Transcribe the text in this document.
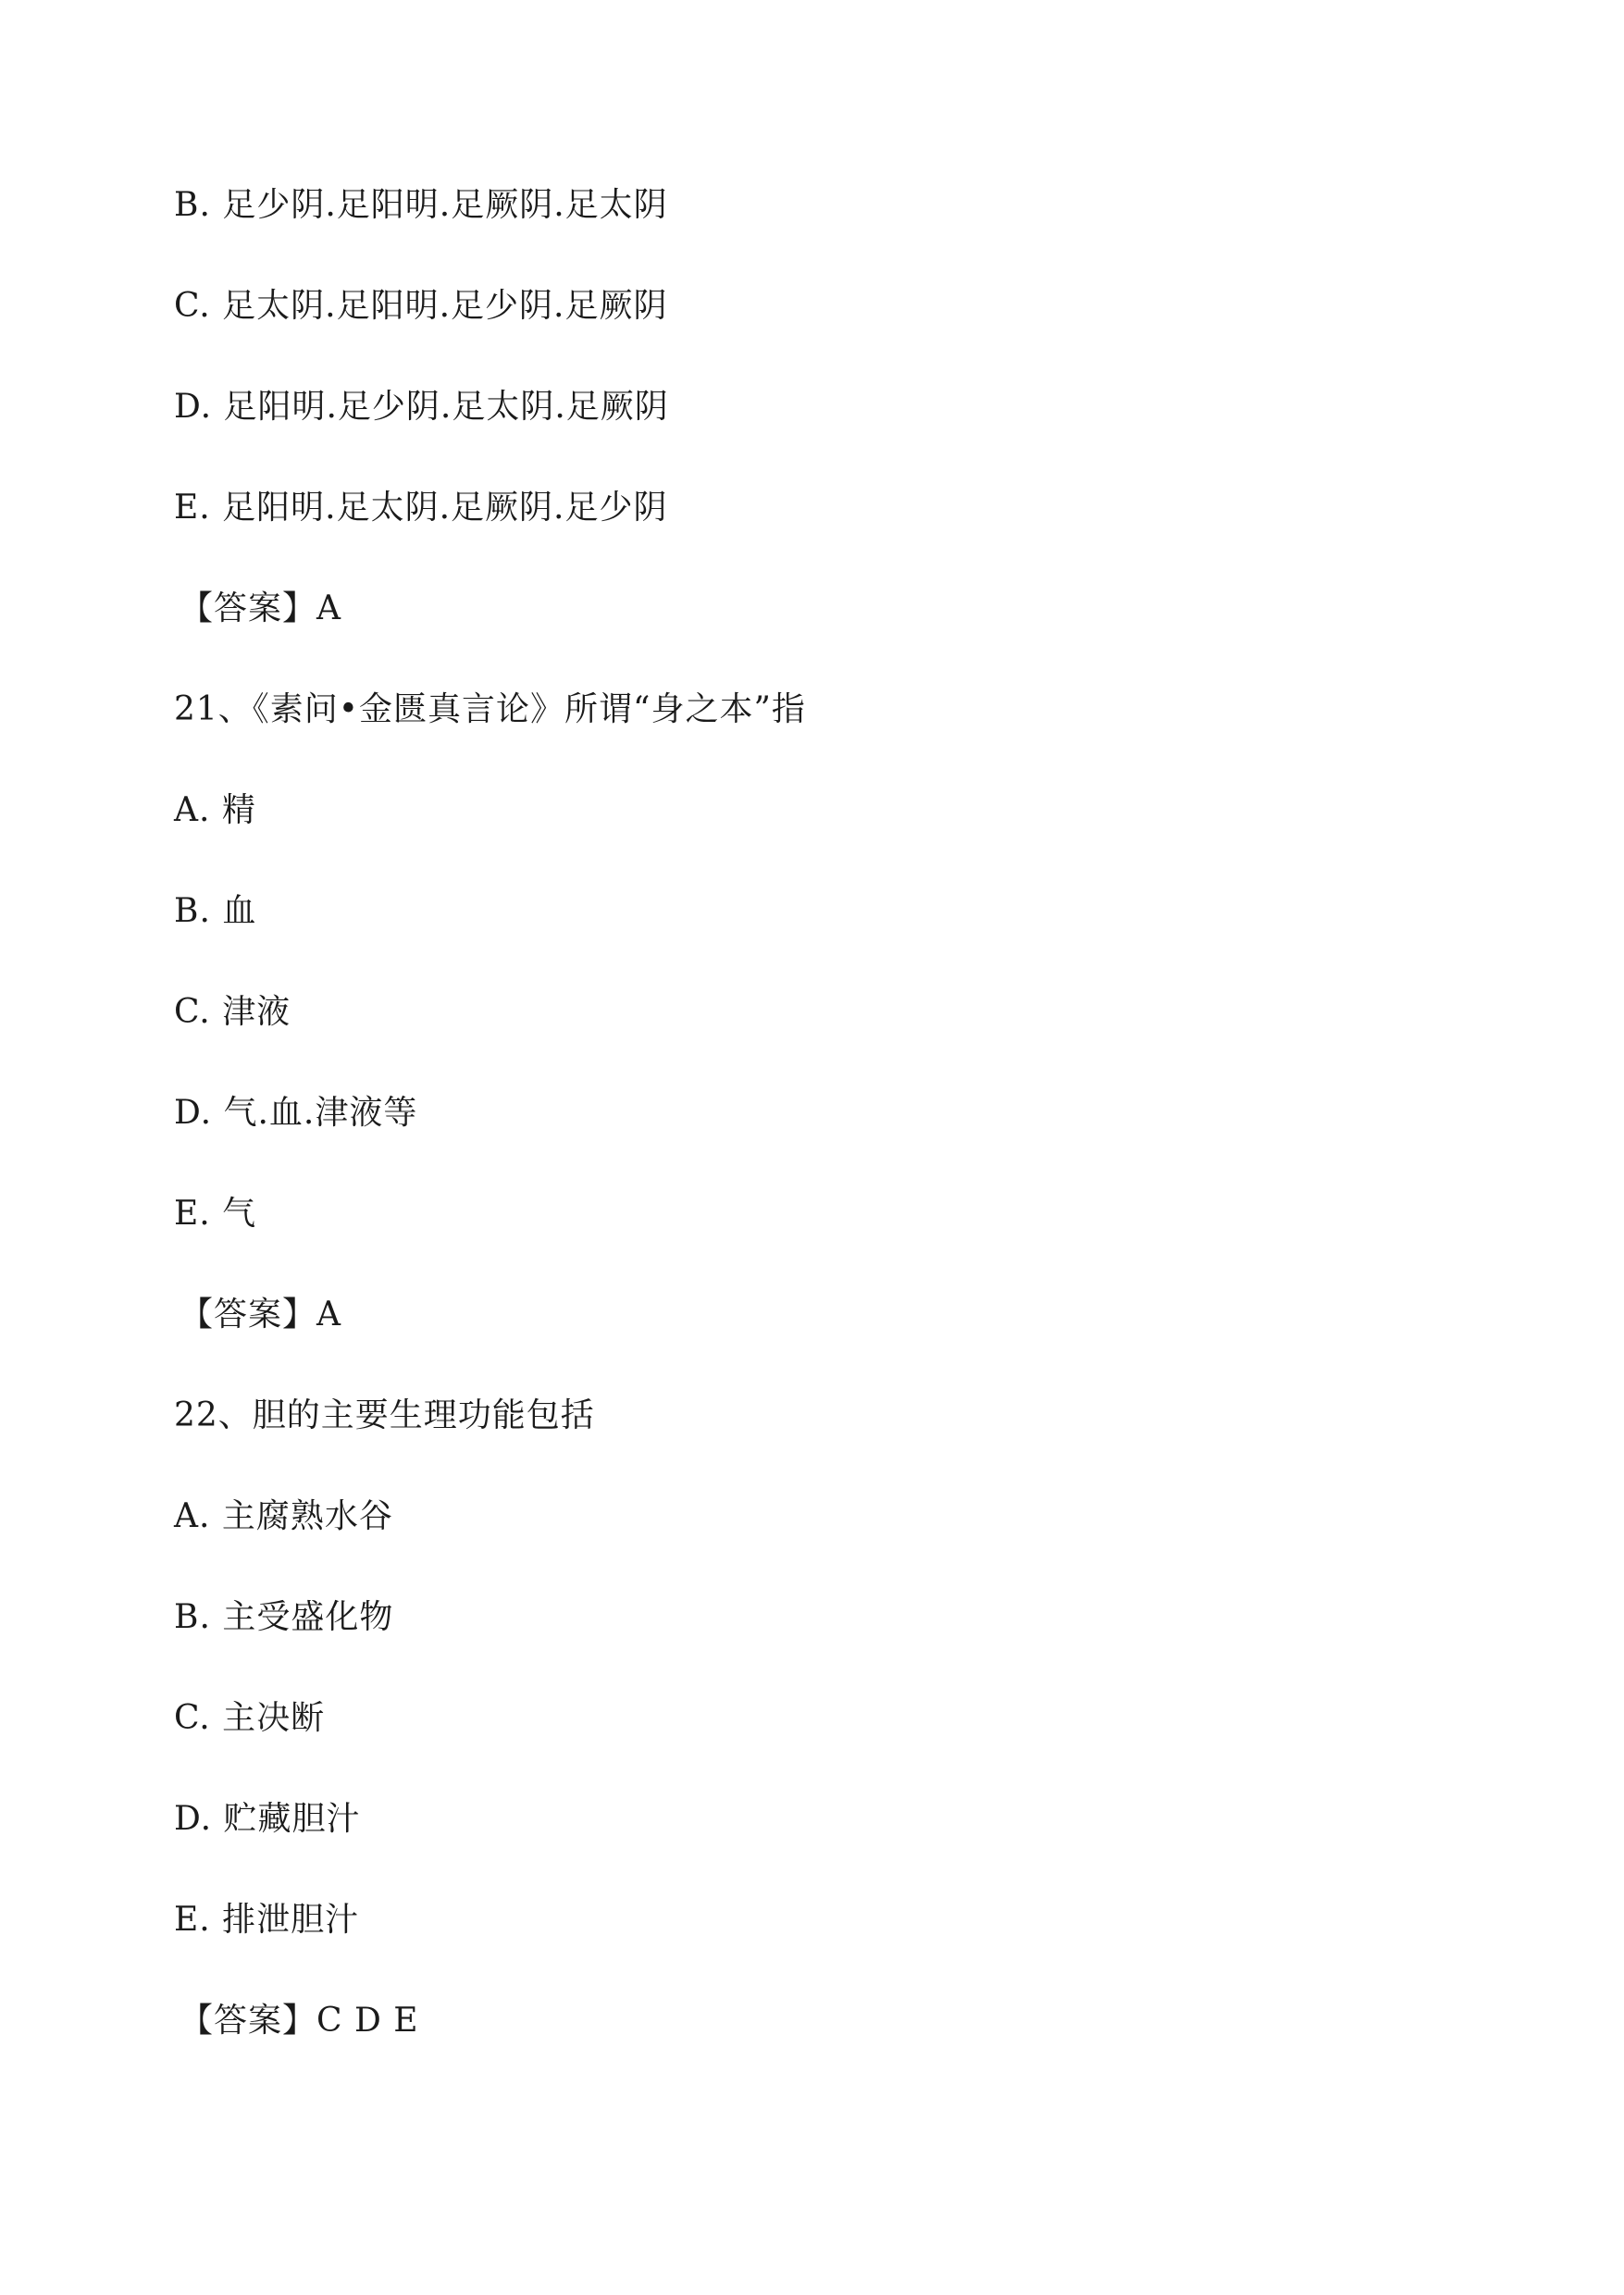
B. 足少阴.足阳明.足厥阴.足太阴
C. 足太阴.足阳明.足少阴.足厥阴
D. 足阳明.足少阴.足太阴.足厥阴
E. 足阳明.足太阴.足厥阴.足少阴
【答案】A
21、《素问•金匮真言论》所谓“身之本”指
A. 精
B. 血
C. 津液
D. 气.血.津液等
E. 气
【答案】A
22、胆的主要生理功能包括
A. 主腐熟水谷
B. 主受盛化物
C. 主决断
D. 贮藏胆汁
E. 排泄胆汁
【答案】C D E
